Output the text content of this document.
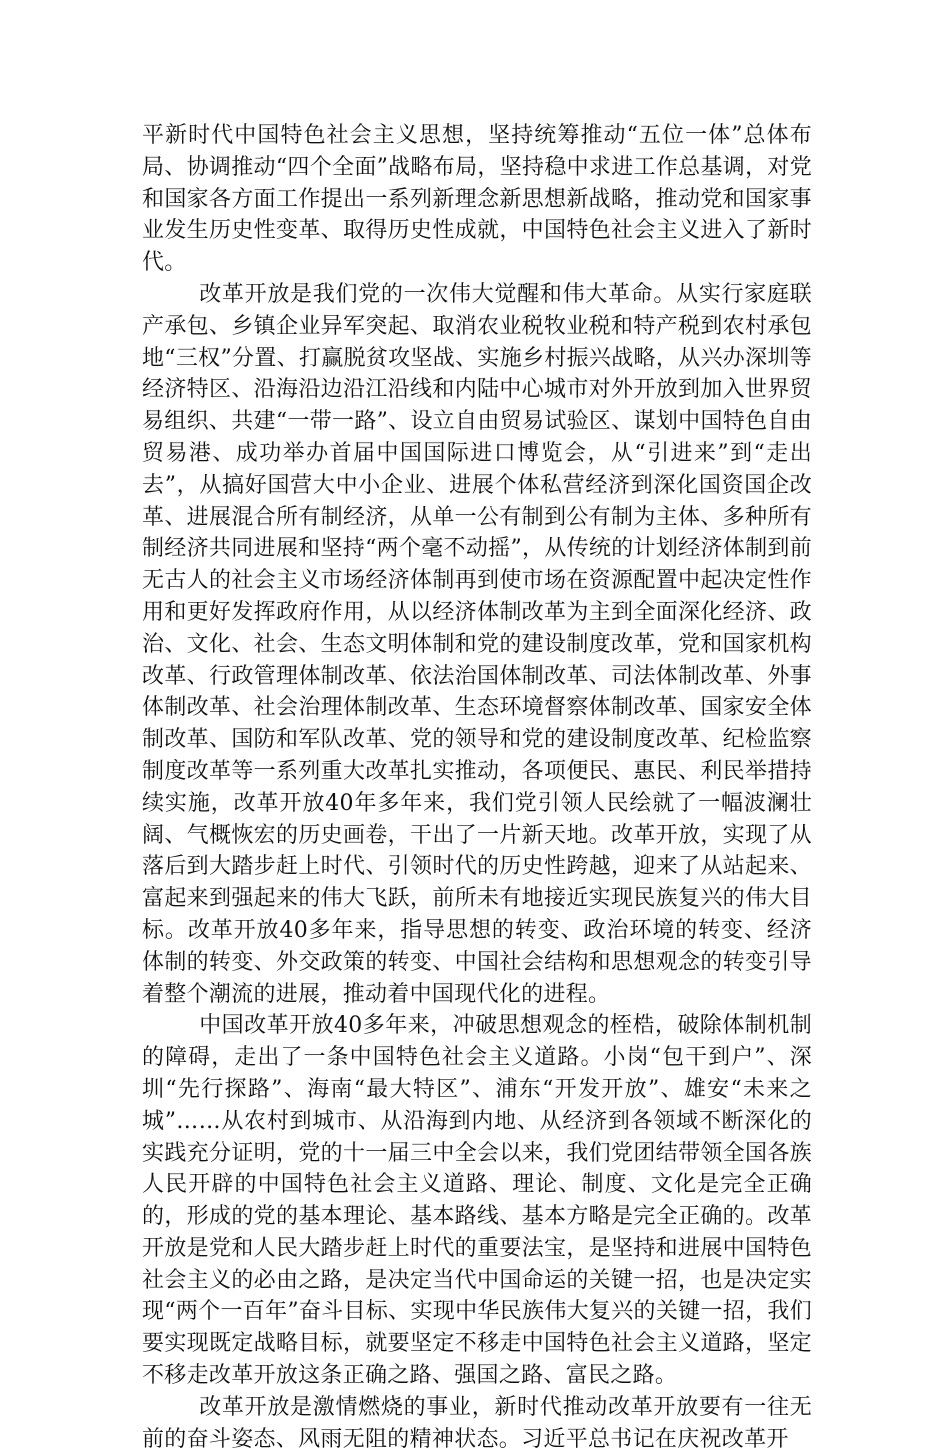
平新时代中国特色社会主义思想，坚持统筹推动“五位一体”总体布局、协调推动“四个全面”战略布局，坚持稳中求进工作总基调，对党和国家各方面工作提出一系列新理念新思想新战略，推动党和国家事业发生历史性变革、取得历史性成就，中国特色社会主义进入了新时代。

改革开放是我们党的一次伟大觉醒和伟大革命。从实行家庭联产承包、乡镇企业异军突起、取消农业税牧业税和特产税到农村承包地“三权”分置、打赢脱贫攻坚战、实施乡村振兴战略，从兴办深圳等经济特区、沿海沿边沿江沿线和内陆中心城市对外开放到加入世界贸易组织、共建“一带一路”、设立自由贸易试验区、谋划中国特色自由贸易港、成功举办首届中国国际进口博览会，从“引进来”到“走出去”，从搞好国营大中小企业、进展个体私营经济到深化国资国企改革、进展混合所有制经济，从单一公有制到公有制为主体、多种所有制经济共同进展和坚持“两个毫不动摇”，从传统的计划经济体制到前无古人的社会主义市场经济体制再到使市场在资源配置中起决定性作用和更好发挥政府作用，从以经济体制改革为主到全面深化经济、政治、文化、社会、生态文明体制和党的建设制度改革，党和国家机构改革、行政管理体制改革、依法治国体制改革、司法体制改革、外事体制改革、社会治理体制改革、生态环境督察体制改革、国家安全体制改革、国防和军队改革、党的领导和党的建设制度改革、纪检监察制度改革等一系列重大改革扎实推动，各项便民、惠民、利民举措持续实施，改革开放40年多年来，我们党引领人民绘就了一幅波澜壮阔、气概恢宏的历史画卷，干出了一片新天地。改革开放，实现了从落后到大踏步赶上时代、引领时代的历史性跨越，迎来了从站起来、富起来到强起来的伟大飞跃，前所未有地接近实现民族复兴的伟大目标。改革开放40多年来，指导思想的转变、政治环境的转变、经济体制的转变、外交政策的转变、中国社会结构和思想观念的转变引导着整个潮流的进展，推动着中国现代化的进程。

中国改革开放40多年来，冲破思想观念的桎梏，破除体制机制的障碍，走出了一条中国特色社会主义道路。小岗“包干到户”、深圳“先行探路”、海南“最大特区”、浦东“开发开放”、雄安“未来之城”……从农村到城市、从沿海到内地、从经济到各领域不断深化的实践充分证明，党的十一届三中全会以来，我们党团结带领全国各族人民开辟的中国特色社会主义道路、理论、制度、文化是完全正确的，形成的党的基本理论、基本路线、基本方略是完全正确的。改革开放是党和人民大踏步赶上时代的重要法宝，是坚持和进展中国特色社会主义的必由之路，是决定当代中国命运的关键一招，也是决定实现“两个一百年”奋斗目标、实现中华民族伟大复兴的关键一招，我们要实现既定战略目标，就要坚定不移走中国特色社会主义道路，坚定不移走改革开放这条正确之路、强国之路、富民之路。

改革开放是激情燃烧的事业，新时代推动改革开放要有一往无前的奋斗姿态、风雨无阻的精神状态。习近平总书记在庆祝改革开
